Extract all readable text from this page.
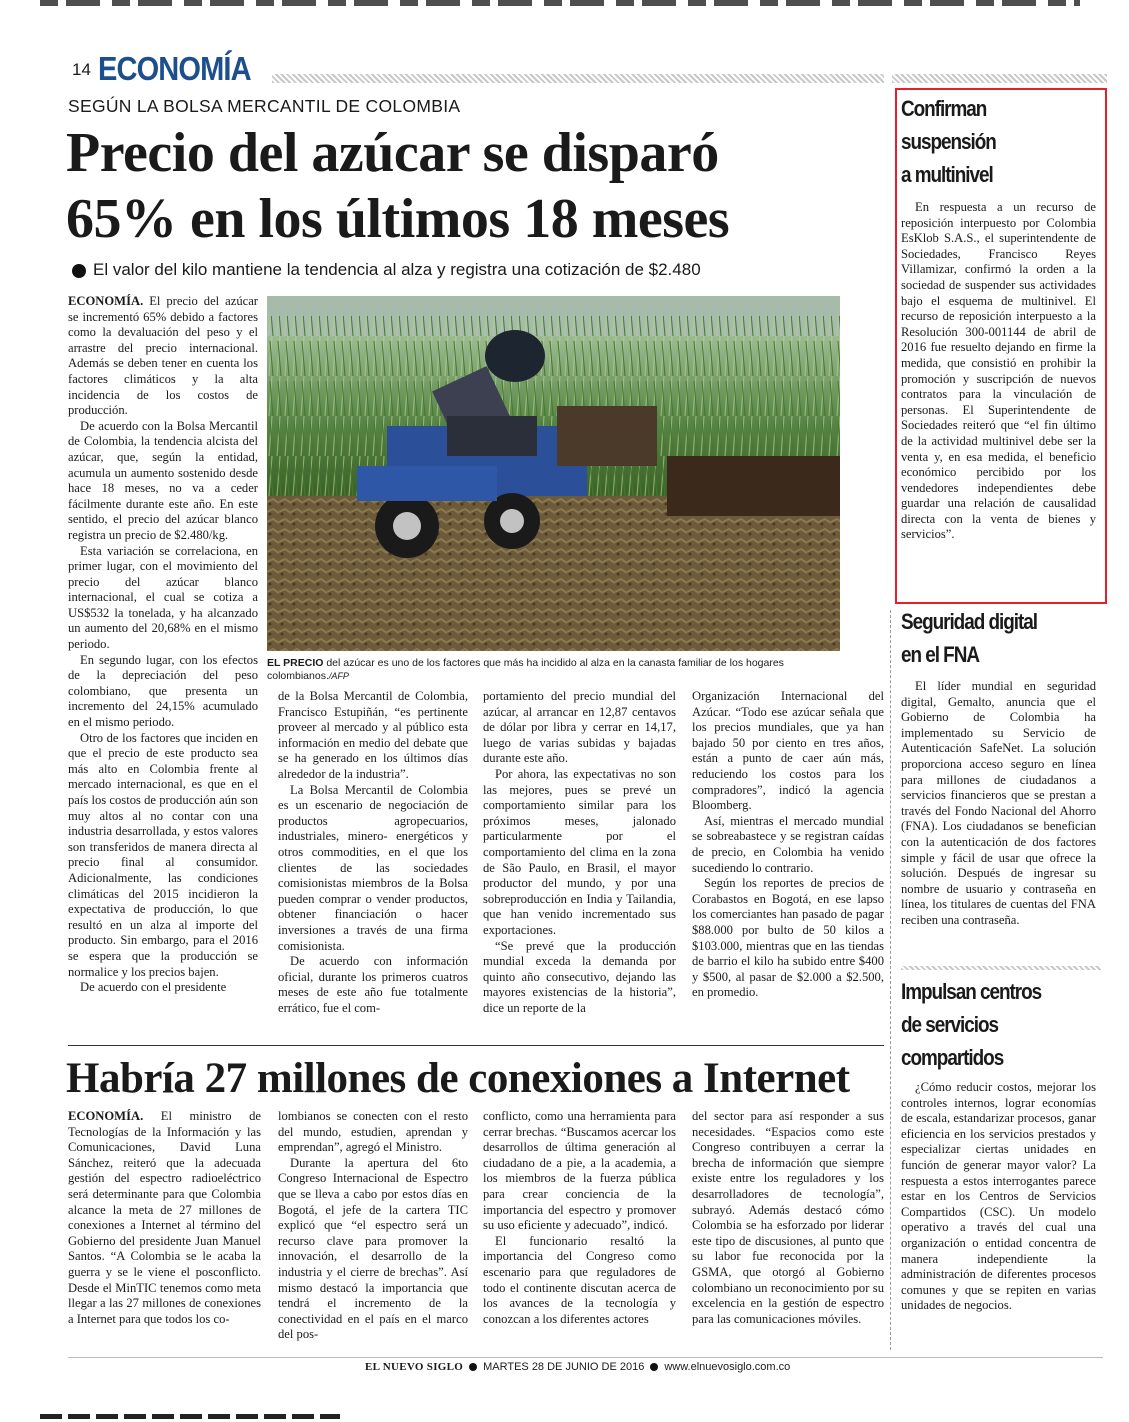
14 ECONOMÍA
SEGÚN LA BOLSA MERCANTIL DE COLOMBIA
Precio del azúcar se disparó
65% en los últimos 18 meses
El valor del kilo mantiene la tendencia al alza y registra una cotización de $2.480

ECONOMÍA. El precio del azúcar se incrementó 65% debido a factores como la devaluación del peso y el arrastre del precio internacional. Además se deben tener en cuenta los factores climáticos y la alta incidencia de los costos de producción.

De acuerdo con la Bolsa Mercantil de Colombia, la tendencia alcista del azúcar, que, según la entidad, acumula un aumento sostenido desde hace 18 meses, no va a ceder fácilmente durante este año. En este sentido, el precio del azúcar blanco registra un precio de $2.480/kg.

Esta variación se correlaciona, en primer lugar, con el movimiento del precio del azúcar blanco internacional, el cual se cotiza a US$532 la tonelada, y ha alcanzado un aumento del 20,68% en el mismo periodo.

En segundo lugar, con los efectos de la depreciación del peso colombiano, que presenta un incremento del 24,15% acumulado en el mismo periodo.

Otro de los factores que inciden en que el precio de este producto sea más alto en Colombia frente al mercado internacional, es que en el país los costos de producción aún son muy altos al no contar con una industria desarrollada, y estos valores son transferidos de manera directa al precio final al consumidor. Adicionalmente, las condiciones climáticas del 2015 incidieron la expectativa de producción, lo que resultó en un alza al importe del producto. Sin embargo, para el 2016 se espera que la producción se normalice y los precios bajen.

De acuerdo con el presidente

EL PRECIO del azúcar es uno de los factores que más ha incidido al alza en la canasta familiar de los hogares colombianos./AFP

de la Bolsa Mercantil de Colombia, Francisco Estupiñán, “es pertinente proveer al mercado y al público esta información en medio del debate que se ha generado en los últimos días alrededor de la industria”.

La Bolsa Mercantil de Colombia es un escenario de negociación de productos agropecuarios, industriales, minero- energéticos y otros commodities, en el que los clientes de las sociedades comisionistas miembros de la Bolsa pueden comprar o vender productos, obtener financiación o hacer inversiones a través de una firma comisionista.

De acuerdo con información oficial, durante los primeros cuatros meses de este año fue totalmente errático, fue el com-

portamiento del precio mundial del azúcar, al arrancar en 12,87 centavos de dólar por libra y cerrar en 14,17, luego de varias subidas y bajadas durante este año.

Por ahora, las expectativas no son las mejores, pues se prevé un comportamiento similar para los próximos meses, jalonado particularmente por el comportamiento del clima en la zona de São Paulo, en Brasil, el mayor productor del mundo, y por una sobreproducción en India y Tailandia, que han venido incrementado sus exportaciones.

“Se prevé que la producción mundial exceda la demanda por quinto año consecutivo, dejando las mayores existencias de la historia”, dice un reporte de la

Organización Internacional del Azúcar. “Todo ese azúcar señala que los precios mundiales, que ya han bajado 50 por ciento en tres años, están a punto de caer aún más, reduciendo los costos para los compradores”, indicó la agencia Bloomberg.

Así, mientras el mercado mundial se sobreabastece y se registran caídas de precio, en Colombia ha venido sucediendo lo contrario.

Según los reportes de precios de Corabastos en Bogotá, en ese lapso los comerciantes han pasado de pagar $88.000 por bulto de 50 kilos a $103.000, mientras que en las tiendas de barrio el kilo ha subido entre $400 y $500, al pasar de $2.000 a $2.500, en promedio.

Habría 27 millones de conexiones a Internet

ECONOMÍA. El ministro de Tecnologías de la Información y las Comunicaciones, David Luna Sánchez, reiteró que la adecuada gestión del espectro radioeléctrico será determinante para que Colombia alcance la meta de 27 millones de conexiones a Internet al término del Gobierno del presidente Juan Manuel Santos. “A Colombia se le acaba la guerra y se le viene el posconflicto. Desde el MinTIC tenemos como meta llegar a las 27 millones de conexiones a Internet para que todos los co-

lombianos se conecten con el resto del mundo, estudien, aprendan y emprendan”, agregó el Ministro.

Durante la apertura del 6to Congreso Internacional de Espectro que se lleva a cabo por estos días en Bogotá, el jefe de la cartera TIC explicó que “el espectro será un recurso clave para promover la innovación, el desarrollo de la industria y el cierre de brechas”. Así mismo destacó la importancia que tendrá el incremento de la conectividad en el país en el marco del pos-

conflicto, como una herramienta para cerrar brechas. “Buscamos acercar los desarrollos de última generación al ciudadano de a pie, a la academia, a los miembros de la fuerza pública para crear conciencia de la importancia del espectro y promover su uso eficiente y adecuado”, indicó.

El funcionario resaltó la importancia del Congreso como escenario para que reguladores de todo el continente discutan acerca de los avances de la tecnología y conozcan a los diferentes actores

del sector para así responder a sus necesidades. “Espacios como este Congreso contribuyen a cerrar la brecha de información que siempre existe entre los reguladores y los desarrolladores de tecnología”, subrayó. Además destacó cómo Colombia se ha esforzado por liderar este tipo de discusiones, al punto que su labor fue reconocida por la GSMA, que otorgó al Gobierno colombiano un reconocimiento por su excelencia en la gestión de espectro para las comunicaciones móviles.

Confirman

suspensión

a multinivel

En respuesta a un recurso de reposición interpuesto por Colombia EsKlob S.A.S., el superintendente de Sociedades, Francisco Reyes Villamizar, confirmó la orden a la sociedad de suspender sus actividades bajo el esquema de multinivel. El recurso de reposición interpuesto a la Resolución 300-001144 de abril de 2016 fue resuelto dejando en firme la medida, que consistió en prohibir la promoción y suscripción de nuevos contratos para la vinculación de personas. El Superintendente de Sociedades reiteró que “el fin último de la actividad multinivel debe ser la venta y, en esa medida, el beneficio económico percibido por los vendedores independientes debe guardar una relación de causalidad directa con la venta de bienes y servicios”.

Seguridad digital

en el FNA

El líder mundial en seguridad digital, Gemalto, anuncia que el Gobierno de Colombia ha implementado su Servicio de Autenticación SafeNet. La solución proporciona acceso seguro en línea para millones de ciudadanos a servicios financieros que se prestan a través del Fondo Nacional del Ahorro (FNA). Los ciudadanos se benefician con la autenticación de dos factores simple y fácil de usar que ofrece la solución. Después de ingresar su nombre de usuario y contraseña en línea, los titulares de cuentas del FNA reciben una contraseña.

Impulsan centros

de servicios

compartidos

¿Cómo reducir costos, mejorar los controles internos, lograr economías de escala, estandarizar procesos, ganar eficiencia en los servicios prestados y especializar ciertas unidades en función de generar mayor valor? La respuesta a estos interrogantes parece estar en los Centros de Servicios Compartidos (CSC). Un modelo operativo a través del cual una organización o entidad concentra de manera independiente la administración de diferentes procesos comunes y que se repiten en varias unidades de negocios.

EL NUEVO SIGLO MARTES 28 DE JUNIO DE 2016 www.elnuevosiglo.com.co
